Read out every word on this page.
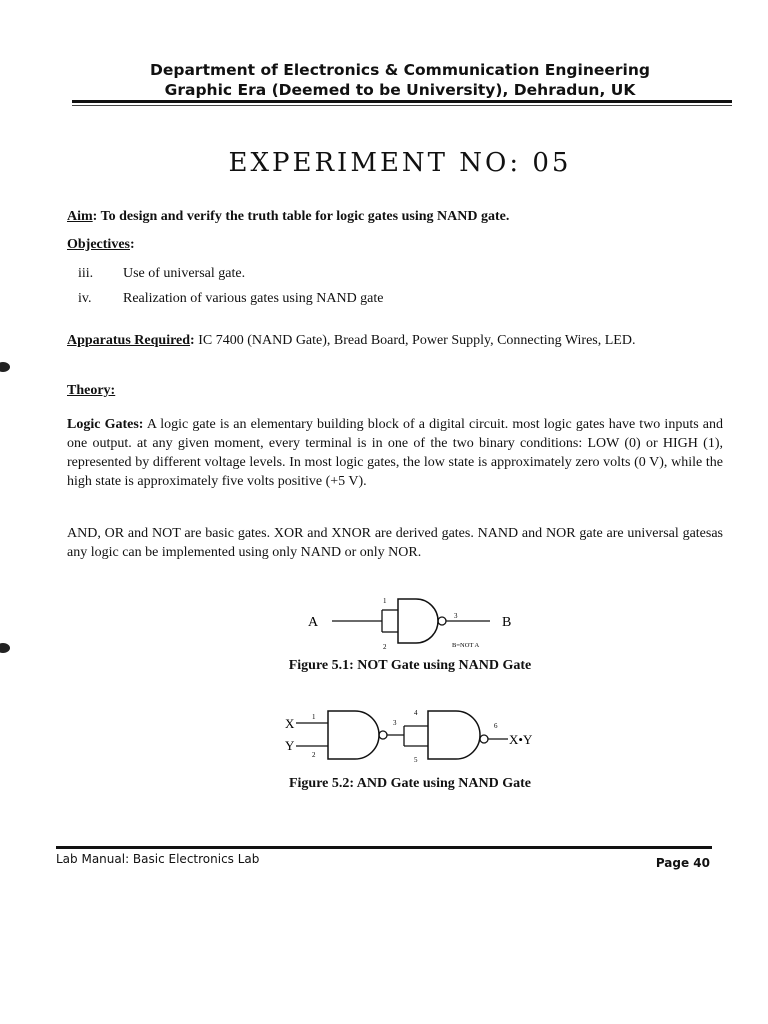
Department of Electronics & Communication Engineering
Graphic Era (Deemed to be University), Dehradun, UK
EXPERIMENT NO: 05
Aim: To design and verify the truth table for logic gates using NAND gate.
Objectives:
iii. Use of universal gate.
iv. Realization of various gates using NAND gate
Apparatus Required: IC 7400 (NAND Gate), Bread Board, Power Supply, Connecting Wires, LED.
Theory:
Logic Gates: A logic gate is an elementary building block of a digital circuit. most logic gates have two inputs and one output. at any given moment, every terminal is in one of the two binary conditions: LOW (0) or HIGH (1), represented by different voltage levels. In most logic gates, the low state is approximately zero volts (0 V), while the high state is approximately five volts positive (+5 V).
AND, OR and NOT are basic gates. XOR and XNOR are derived gates. NAND and NOR gate are universal gatesas any logic can be implemented using only NAND or only NOR.
A	B
1
2
3
B=NOT A
Figure 5.1: NOT Gate using NAND Gate
X
Y	X•Y
1
2
3
4
5
6
Figure 5.2: AND Gate using NAND Gate
Lab Manual: Basic Electronics Lab	Page 40
